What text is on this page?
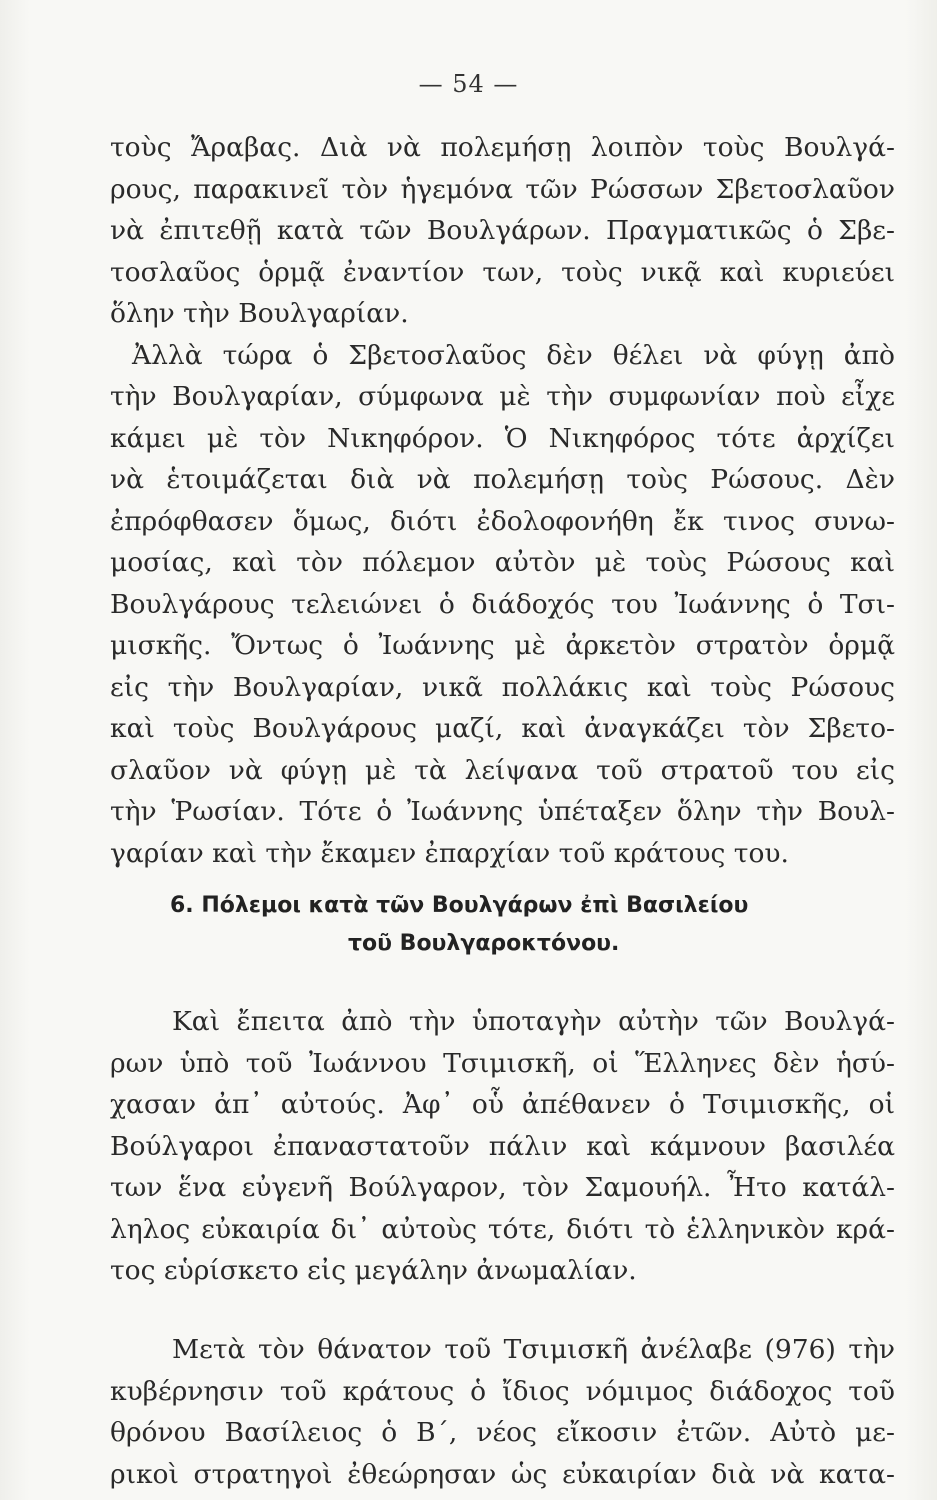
— 54 —
τοὺς Ἄραβας. Διὰ νὰ πολεμήσῃ λοιπὸν τοὺς Βουλγά-
ρους, παρακινεῖ τὸν ἡγεμόνα τῶν Ρώσσων Σβετοσλαῦον
νὰ ἐπιτεθῇ κατὰ τῶν Βουλγάρων. Πραγματικῶς ὁ Σβε-
τοσλαῦος ὁρμᾷ ἐναντίον των, τοὺς νικᾷ καὶ κυριεύει
ὅλην τὴν Βουλγαρίαν.
Ἀλλὰ τώρα ὁ Σβετοσλαῦος δὲν θέλει νὰ φύγῃ ἀπὸ
τὴν Βουλγαρίαν, σύμφωνα μὲ τὴν συμφωνίαν ποὺ εἶχε
κάμει μὲ τὸν Νικηφόρον. Ὁ Νικηφόρος τότε ἀρχίζει
νὰ ἑτοιμάζεται διὰ νὰ πολεμήσῃ τοὺς Ρώσους. Δὲν
ἐπρόφθασεν ὅμως, διότι ἐδολοφονήθη ἔκ τινος συνω-
μοσίας, καὶ τὸν πόλεμον αὐτὸν μὲ τοὺς Ρώσους καὶ
Βουλγάρους τελειώνει ὁ διάδοχός του Ἰωάννης ὁ Τσι-
μισκῆς. Ὄντως ὁ Ἰωάννης μὲ ἀρκετὸν στρατὸν ὁρμᾷ
εἰς τὴν Βουλγαρίαν, νικᾶ πολλάκις καὶ τοὺς Ρώσους
καὶ τοὺς Βουλγάρους μαζί, καὶ ἀναγκάζει τὸν Σβετο-
σλαῦον νὰ φύγῃ μὲ τὰ λείψανα τοῦ στρατοῦ του εἰς
τὴν Ῥωσίαν. Τότε ὁ Ἰωάννης ὑπέταξεν ὅλην τὴν Βουλ-
γαρίαν καὶ τὴν ἔκαμεν ἐπαρχίαν τοῦ κράτους του.
6. Πόλεμοι κατὰ τῶν Βουλγάρων ἐπὶ Βασιλείου
τοῦ Βουλγαροκτόνου.
Καὶ ἔπειτα ἀπὸ τὴν ὑποταγὴν αὐτὴν τῶν Βουλγά-
ρων ὑπὸ τοῦ Ἰωάννου Τσιμισκῆ, οἱ Ἕλληνες δὲν ἡσύ-
χασαν ἀπ᾽ αὐτούς. Ἀφ᾽ οὗ ἀπέθανεν ὁ Τσιμισκῆς, οἱ
Βούλγαροι ἐπαναστατοῦν πάλιν καὶ κάμνουν βασιλέα
των ἕνα εὐγενῆ Βούλγαρον, τὸν Σαμουήλ. Ἦτο κατάλ-
ληλος εὐκαιρία δι᾽ αὐτοὺς τότε, διότι τὸ ἑλληνικὸν κρά-
τος εὑρίσκετο εἰς μεγάλην ἀνωμαλίαν.
Μετὰ τὸν θάνατον τοῦ Τσιμισκῆ ἀνέλαβε (976) τὴν
κυβέρνησιν τοῦ κράτους ὁ ἴδιος νόμιμος διάδοχος τοῦ
θρόνου Βασίλειος ὁ Β΄, νέος εἴκοσιν ἐτῶν. Αὐτὸ με-
ρικοὶ στρατηγοὶ ἐθεώρησαν ὡς εὐκαιρίαν διὰ νὰ κατα-
